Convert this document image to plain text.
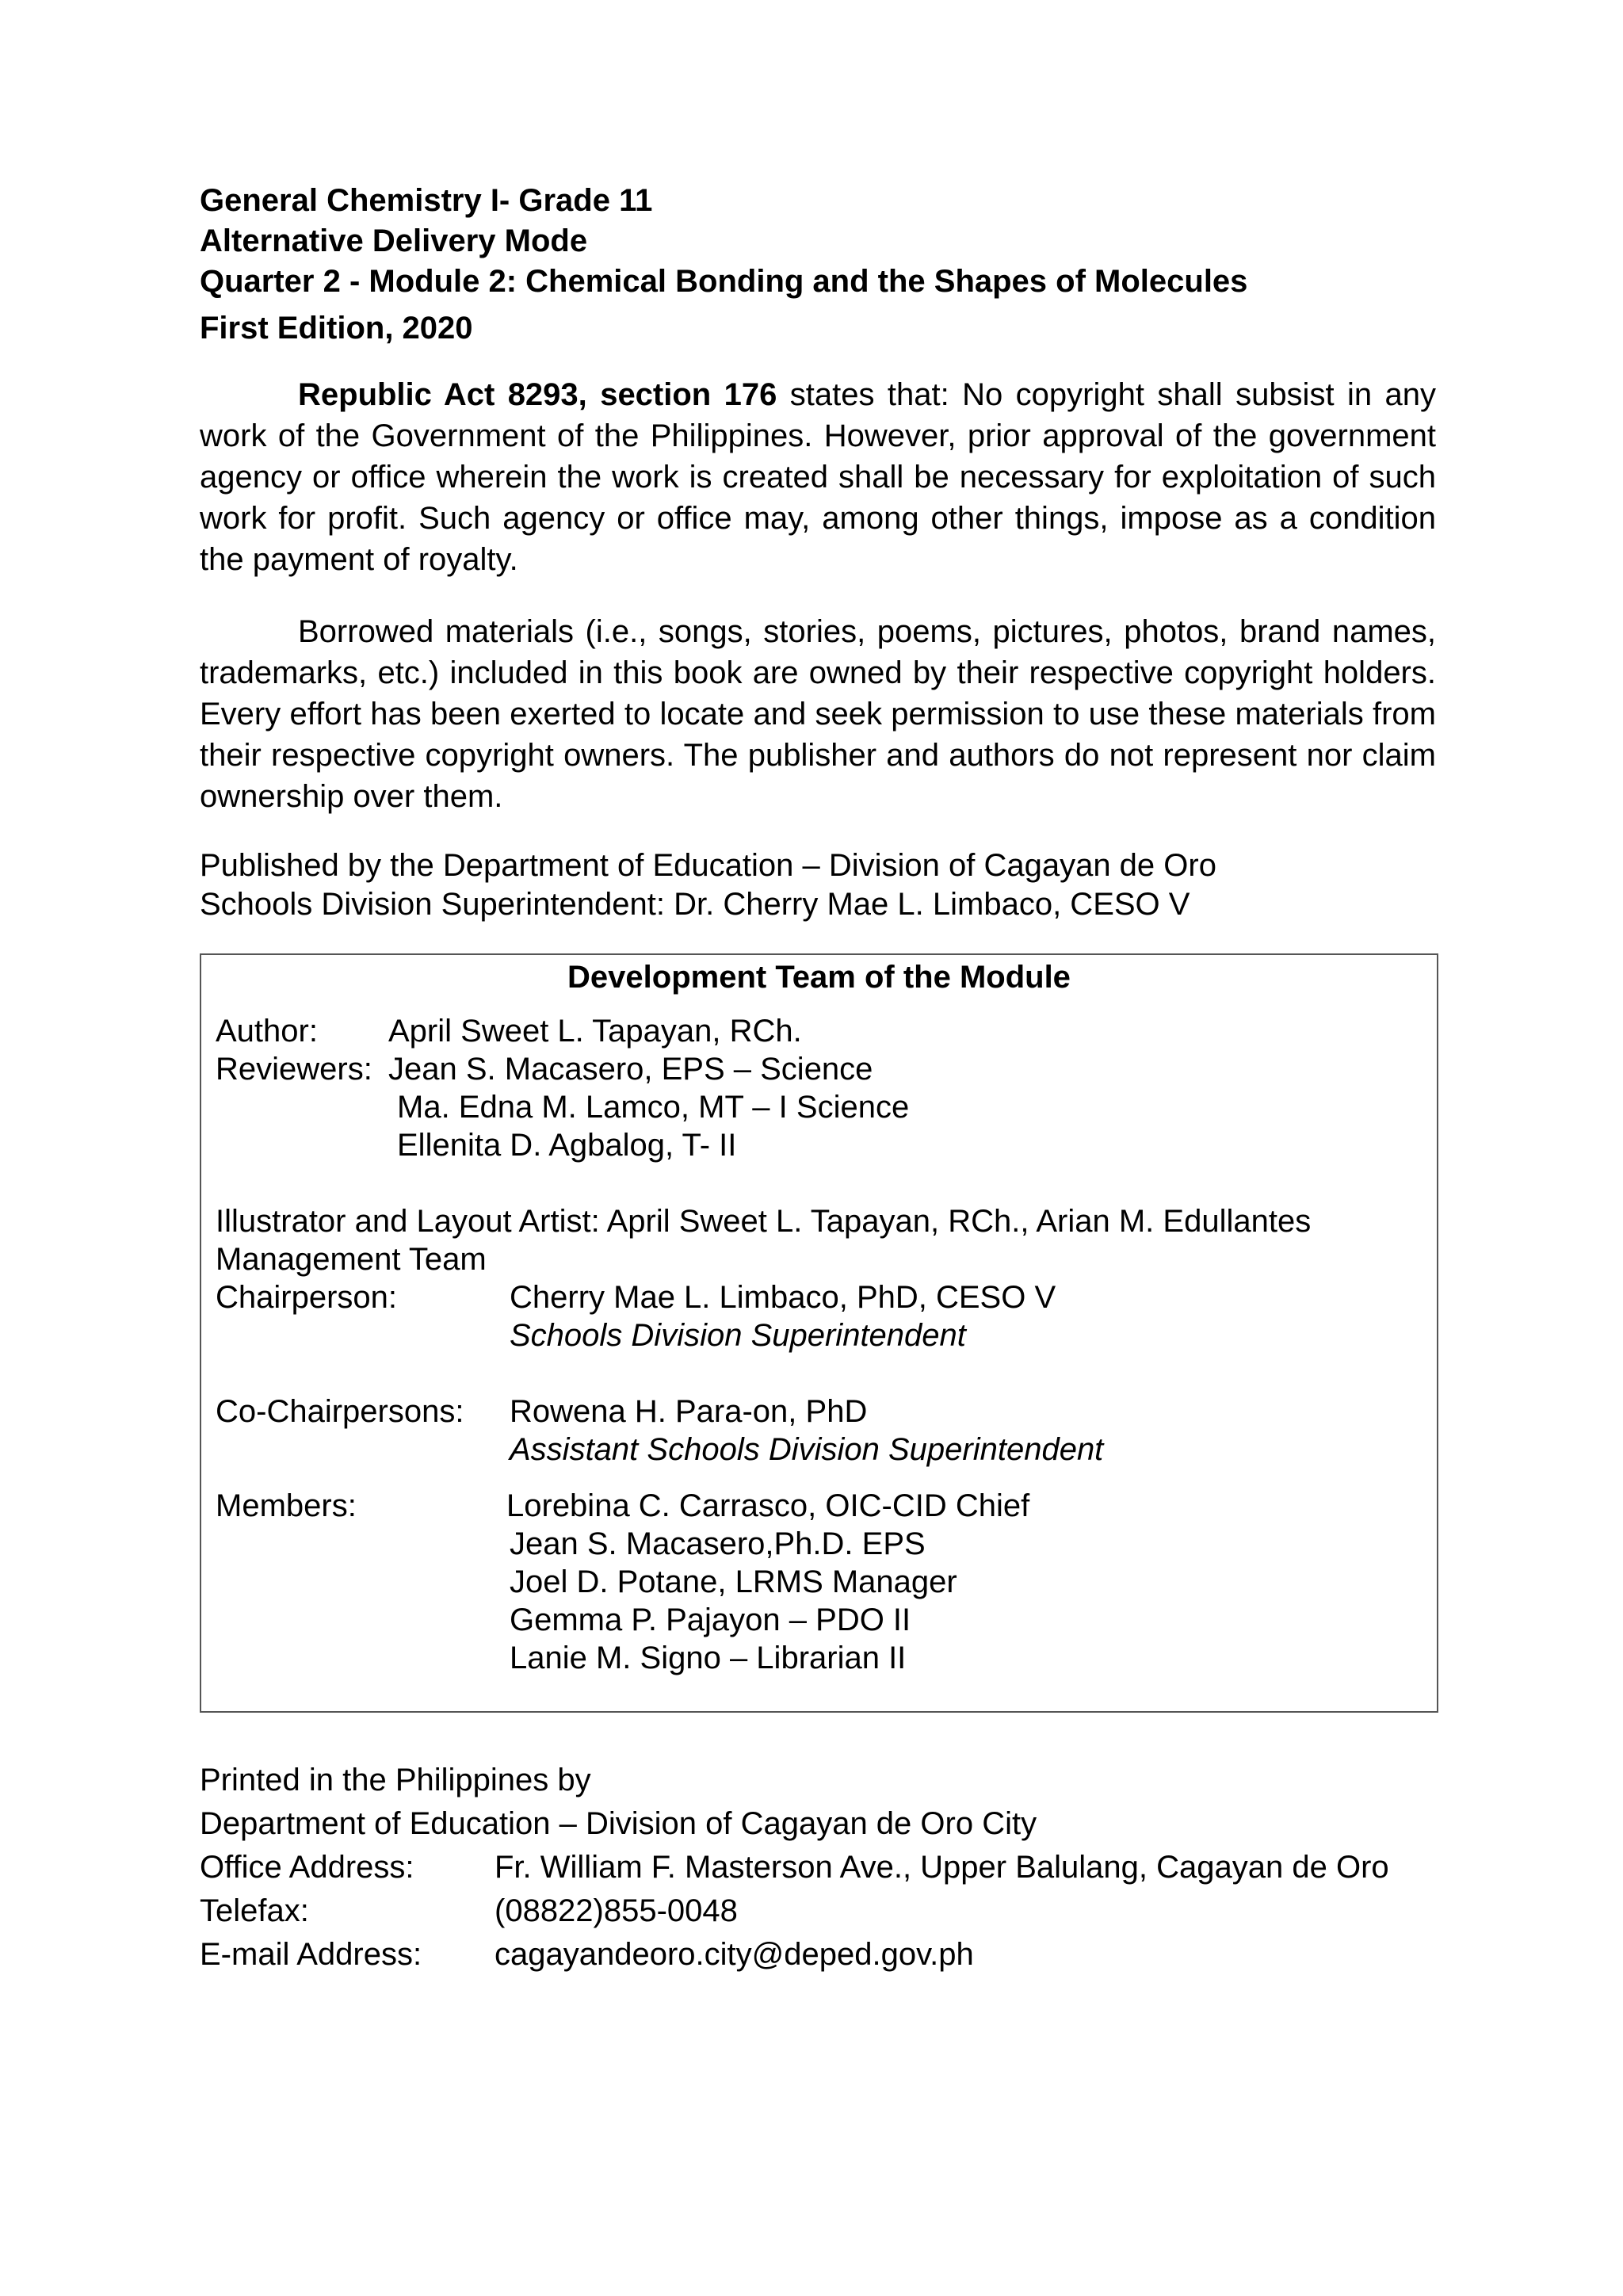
General Chemistry I- Grade 11
Alternative Delivery Mode
Quarter 2 - Module 2: Chemical Bonding and the Shapes of Molecules
First Edition, 2020

Republic Act 8293, section 176 states that: No copyright shall subsist in any work of the Government of the Philippines. However, prior approval of the government agency or office wherein the work is created shall be necessary for exploitation of such work for profit. Such agency or office may, among other things, impose as a condition the payment of royalty.

Borrowed materials (i.e., songs, stories, poems, pictures, photos, brand names, trademarks, etc.) included in this book are owned by their respective copyright holders. Every effort has been exerted to locate and seek permission to use these materials from their respective copyright owners. The publisher and authors do not represent nor claim ownership over them.

Published by the Department of Education – Division of Cagayan de Oro
Schools Division Superintendent: Dr. Cherry Mae L. Limbaco, CESO V
Development Team of the Module
Author:	April Sweet L. Tapayan, RCh.
Reviewers: Jean S. Macasero, EPS – Science
Ma. Edna M. Lamco, MT – I Science
Ellenita D. Agbalog, T- II
Illustrator and Layout Artist: April Sweet L. Tapayan, RCh., Arian M. Edullantes
Management Team
Chairperson:	Cherry Mae L. Limbaco, PhD, CESO V
Schools Division Superintendent
Co-Chairpersons:	Rowena H. Para-on, PhD
Assistant Schools Division Superintendent
Members:	Lorebina C. Carrasco, OIC-CID Chief
Jean S. Macasero,Ph.D. EPS
Joel D. Potane, LRMS Manager
Gemma P. Pajayon – PDO II
Lanie M. Signo – Librarian II
Printed in the Philippines by
Department of Education – Division of Cagayan de Oro City
Office Address:	Fr. William F. Masterson Ave., Upper Balulang, Cagayan de Oro
Telefax:	(08822)855-0048
E-mail Address:	cagayandeoro.city@deped.gov.ph
